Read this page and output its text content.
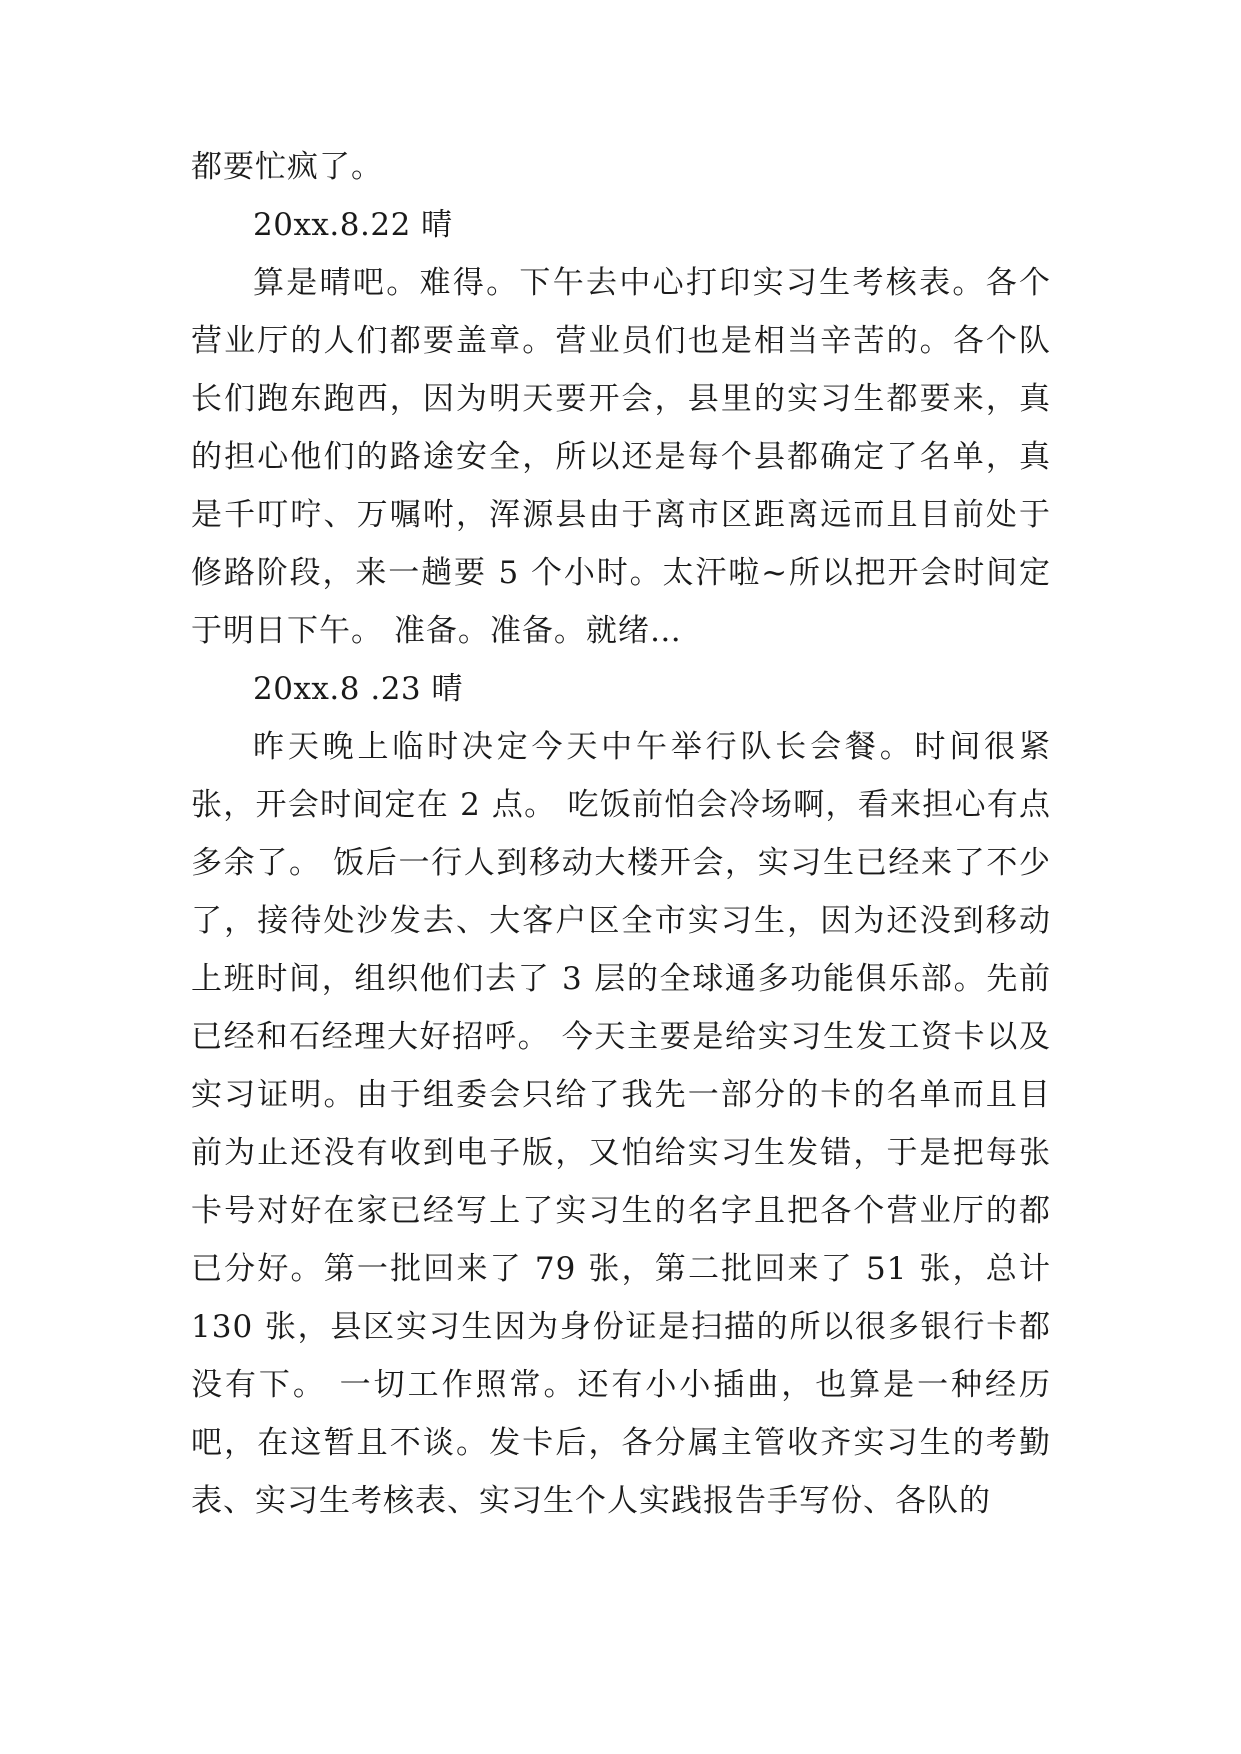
都要忙疯了。

20xx.8.22 晴

算是晴吧。难得。下午去中心打印实习生考核表。各个营业厅的人们都要盖章。营业员们也是相当辛苦的。各个队长们跑东跑西，因为明天要开会，县里的实习生都要来，真的担心他们的路途安全，所以还是每个县都确定了名单，真是千叮咛、万嘱咐，浑源县由于离市区距离远而且目前处于修路阶段，来一趟要 5 个小时。太汗啦~所以把开会时间定于明日下午。 准备。准备。就绪…

20xx.8 .23 晴

昨天晚上临时决定今天中午举行队长会餐。时间很紧张，开会时间定在 2 点。 吃饭前怕会冷场啊，看来担心有点多余了。 饭后一行人到移动大楼开会，实习生已经来了不少了，接待处沙发去、大客户区全市实习生，因为还没到移动上班时间，组织他们去了 3 层的全球通多功能俱乐部。先前已经和石经理大好招呼。 今天主要是给实习生发工资卡以及实习证明。由于组委会只给了我先一部分的卡的名单而且目前为止还没有收到电子版，又怕给实习生发错，于是把每张卡号对好在家已经写上了实习生的名字且把各个营业厅的都已分好。第一批回来了 79 张，第二批回来了 51 张，总计 130 张，县区实习生因为身份证是扫描的所以很多银行卡都没有下。 一切工作照常。还有小小插曲，也算是一种经历吧，在这暂且不谈。发卡后，各分属主管收齐实习生的考勤表、实习生考核表、实习生个人实践报告手写份、各队的
